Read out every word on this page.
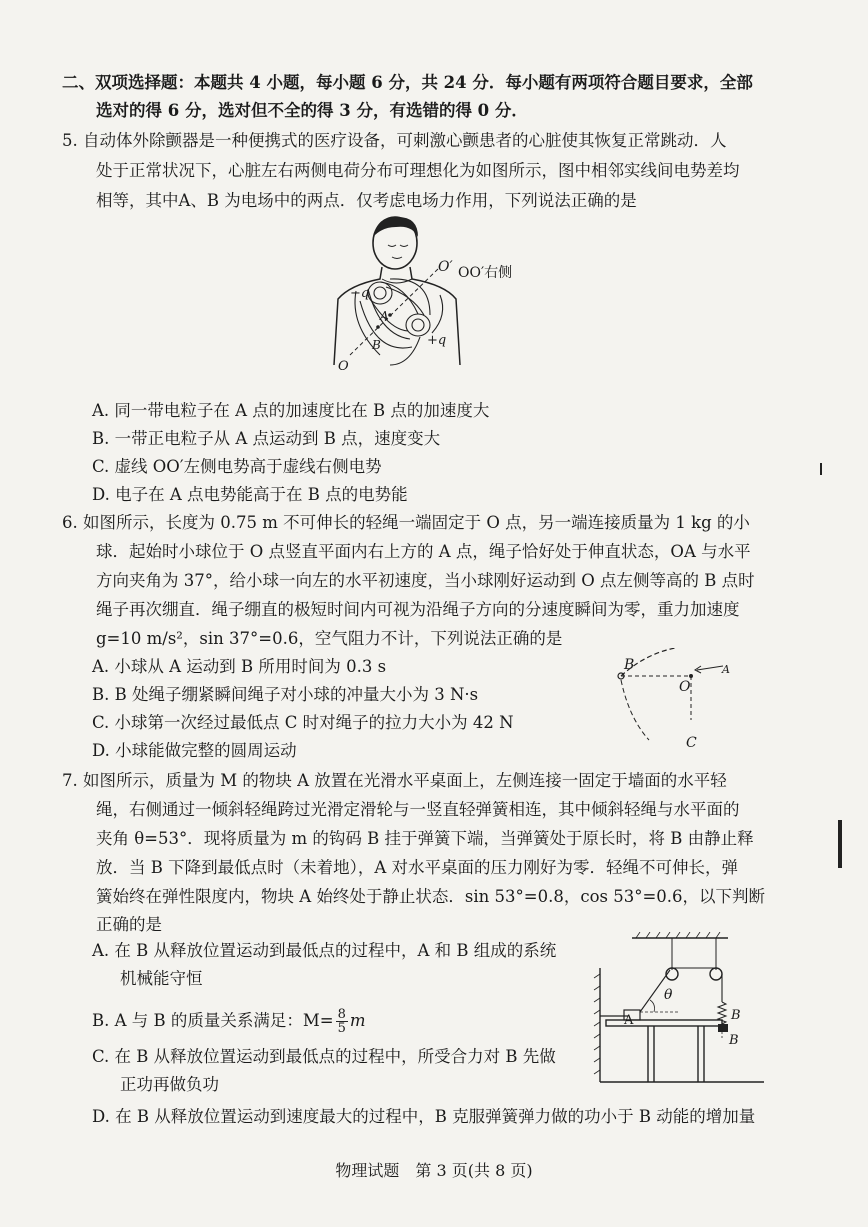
二、双项选择题：本题共 4 小题，每小题 6 分，共 24 分．每小题有两项符合题目要求，全部
选对的得 6 分，选对但不全的得 3 分，有选错的得 0 分．
5. 自动体外除颤器是一种便携式的医疗设备，可刺激心颤患者的心脏使其恢复正常跳动．人
处于正常状况下，心脏左右两侧电荷分布可理想化为如图所示，图中相邻实线间电势差均
相等，其中A、B 为电场中的两点．仅考虑电场力作用，下列说法正确的是
O′ OO′右侧
−q
+q
A
B
O
A. 同一带电粒子在 A 点的加速度比在 B 点的加速度大
B. 一带正电粒子从 A 点运动到 B 点，速度变大
C. 虚线 OO′左侧电势高于虚线右侧电势
D. 电子在 A 点电势能高于在 B 点的电势能
6. 如图所示，长度为 0.75 m 不可伸长的轻绳一端固定于 O 点，另一端连接质量为 1 kg 的小
球．起始时小球位于 O 点竖直平面内右上方的 A 点，绳子恰好处于伸直状态，OA 与水平
方向夹角为 37°，给小球一向左的水平初速度，当小球刚好运动到 O 点左侧等高的 B 点时
绳子再次绷直．绳子绷直的极短时间内可视为沿绳子方向的分速度瞬间为零，重力加速度
g=10 m/s²，sin 37°=0.6，空气阻力不计，下列说法正确的是
A. 小球从 A 运动到 B 所用时间为 0.3 s
B. B 处绳子绷紧瞬间绳子对小球的冲量大小为 3 N·s
C. 小球第一次经过最低点 C 时对绳子的拉力大小为 42 N
D. 小球能做完整的圆周运动
B
O
A
C
7. 如图所示，质量为 M 的物块 A 放置在光滑水平桌面上，左侧连接一固定于墙面的水平轻
绳，右侧通过一倾斜轻绳跨过光滑定滑轮与一竖直轻弹簧相连，其中倾斜轻绳与水平面的
夹角 θ=53°．现将质量为 m 的钩码 B 挂于弹簧下端，当弹簧处于原长时，将 B 由静止释
放．当 B 下降到最低点时（未着地），A 对水平桌面的压力刚好为零．轻绳不可伸长，弹
簧始终在弹性限度内，物块 A 始终处于静止状态．sin 53°=0.8，cos 53°=0.6，以下判断
正确的是
A. 在 B 从释放位置运动到最低点的过程中，A 和 B 组成的系统
机械能守恒
B. A 与 B 的质量关系满足：$M= \frac{8}{5}$ m
C. 在 B 从释放位置运动到最低点的过程中，所受合力对 B 先做
正功再做负功
D. 在 B 从释放位置运动到速度最大的过程中，B 克服弹簧弹力做的功小于 B 动能的增加量
A
θ
B
B
物理试题　第 3 页(共 8 页)
